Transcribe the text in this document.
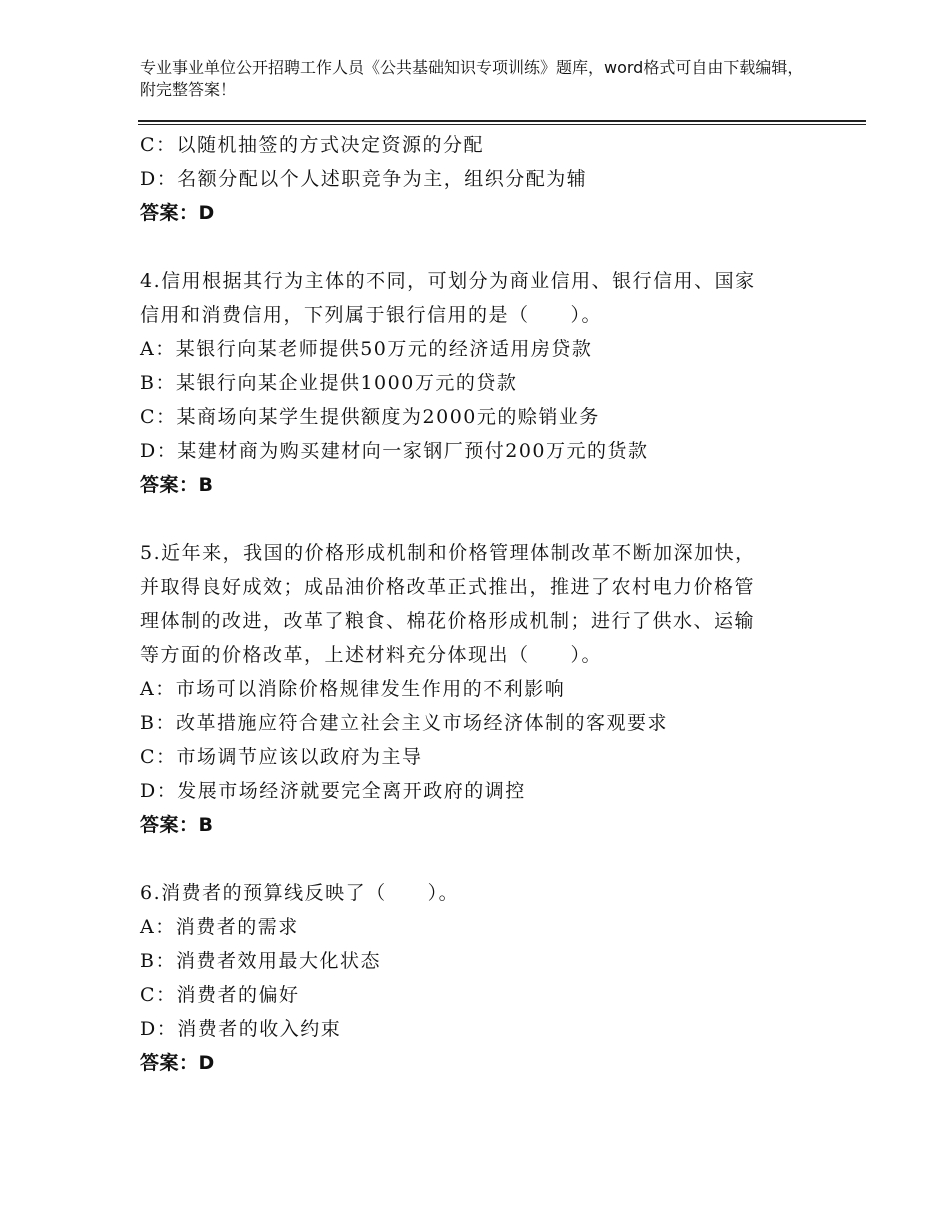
专业事业单位公开招聘工作人员《公共基础知识专项训练》题库，word格式可自由下载编辑，附完整答案！
C：以随机抽签的方式决定资源的分配
D：名额分配以个人述职竞争为主，组织分配为辅
答案：D
4.信用根据其行为主体的不同，可划分为商业信用、银行信用、国家
信用和消费信用，下列属于银行信用的是（　　）。
A：某银行向某老师提供50万元的经济适用房贷款
B：某银行向某企业提供1000万元的贷款
C：某商场向某学生提供额度为2000元的赊销业务
D：某建材商为购买建材向一家钢厂预付200万元的货款
答案：B
5.近年来，我国的价格形成机制和价格管理体制改革不断加深加快，
并取得良好成效；成品油价格改革正式推出，推进了农村电力价格管
理体制的改进，改革了粮食、棉花价格形成机制；进行了供水、运输
等方面的价格改革，上述材料充分体现出（　　）。
A：市场可以消除价格规律发生作用的不利影响
B：改革措施应符合建立社会主义市场经济体制的客观要求
C：市场调节应该以政府为主导
D：发展市场经济就要完全离开政府的调控
答案：B
6.消费者的预算线反映了（　　）。
A：消费者的需求
B：消费者效用最大化状态
C：消费者的偏好
D：消费者的收入约束
答案：D
